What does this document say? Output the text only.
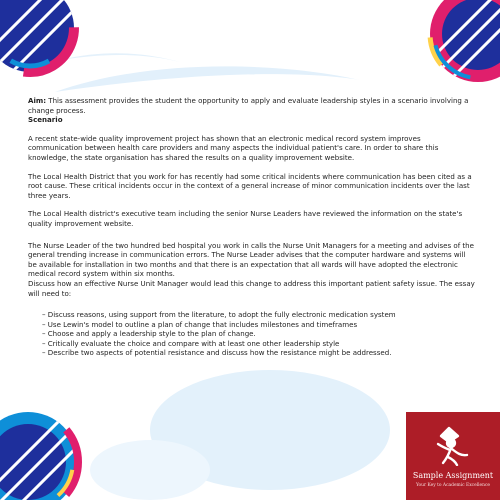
Aim: This assessment provides the student the opportunity to apply and evaluate leadership styles in a scenario involving a change process.

Scenario

A recent state-wide quality improvement project has shown that an electronic medical record system improves communication between health care providers and many aspects the individual patient's care. In order to share this knowledge, the state organisation has shared the results on a quality improvement website.

The Local Health District that you work for has recently had some critical incidents where communication has been cited as a root cause. These critical incidents occur in the context of a general increase of minor communication incidents over the last three years.

The Local Health district's executive team including the senior Nurse Leaders have reviewed the information on the state's quality improvement website.

The Nurse Leader of the two hundred bed hospital you work in calls the Nurse Unit Managers for a meeting and advises of the general trending increase in communication errors. The Nurse Leader advises that the computer hardware and systems will be available for installation in two months and that there is an expectation that all wards will have adopted the electronic medical record system within six months.

Discuss how an effective Nurse Unit Manager would lead this change to address this important patient safety issue. The essay will need to:

– Discuss reasons, using support from the literature, to adopt the fully electronic medication system
– Use Lewin's model to outline a plan of change that includes milestones and timeframes
– Choose and apply a leadership style to the plan of change.
– Critically evaluate the choice and compare with at least one other leadership style
– Describe two aspects of potential resistance and discuss how the resistance might be addressed.
Sample Assignment
Your Key to Academic Excellence
